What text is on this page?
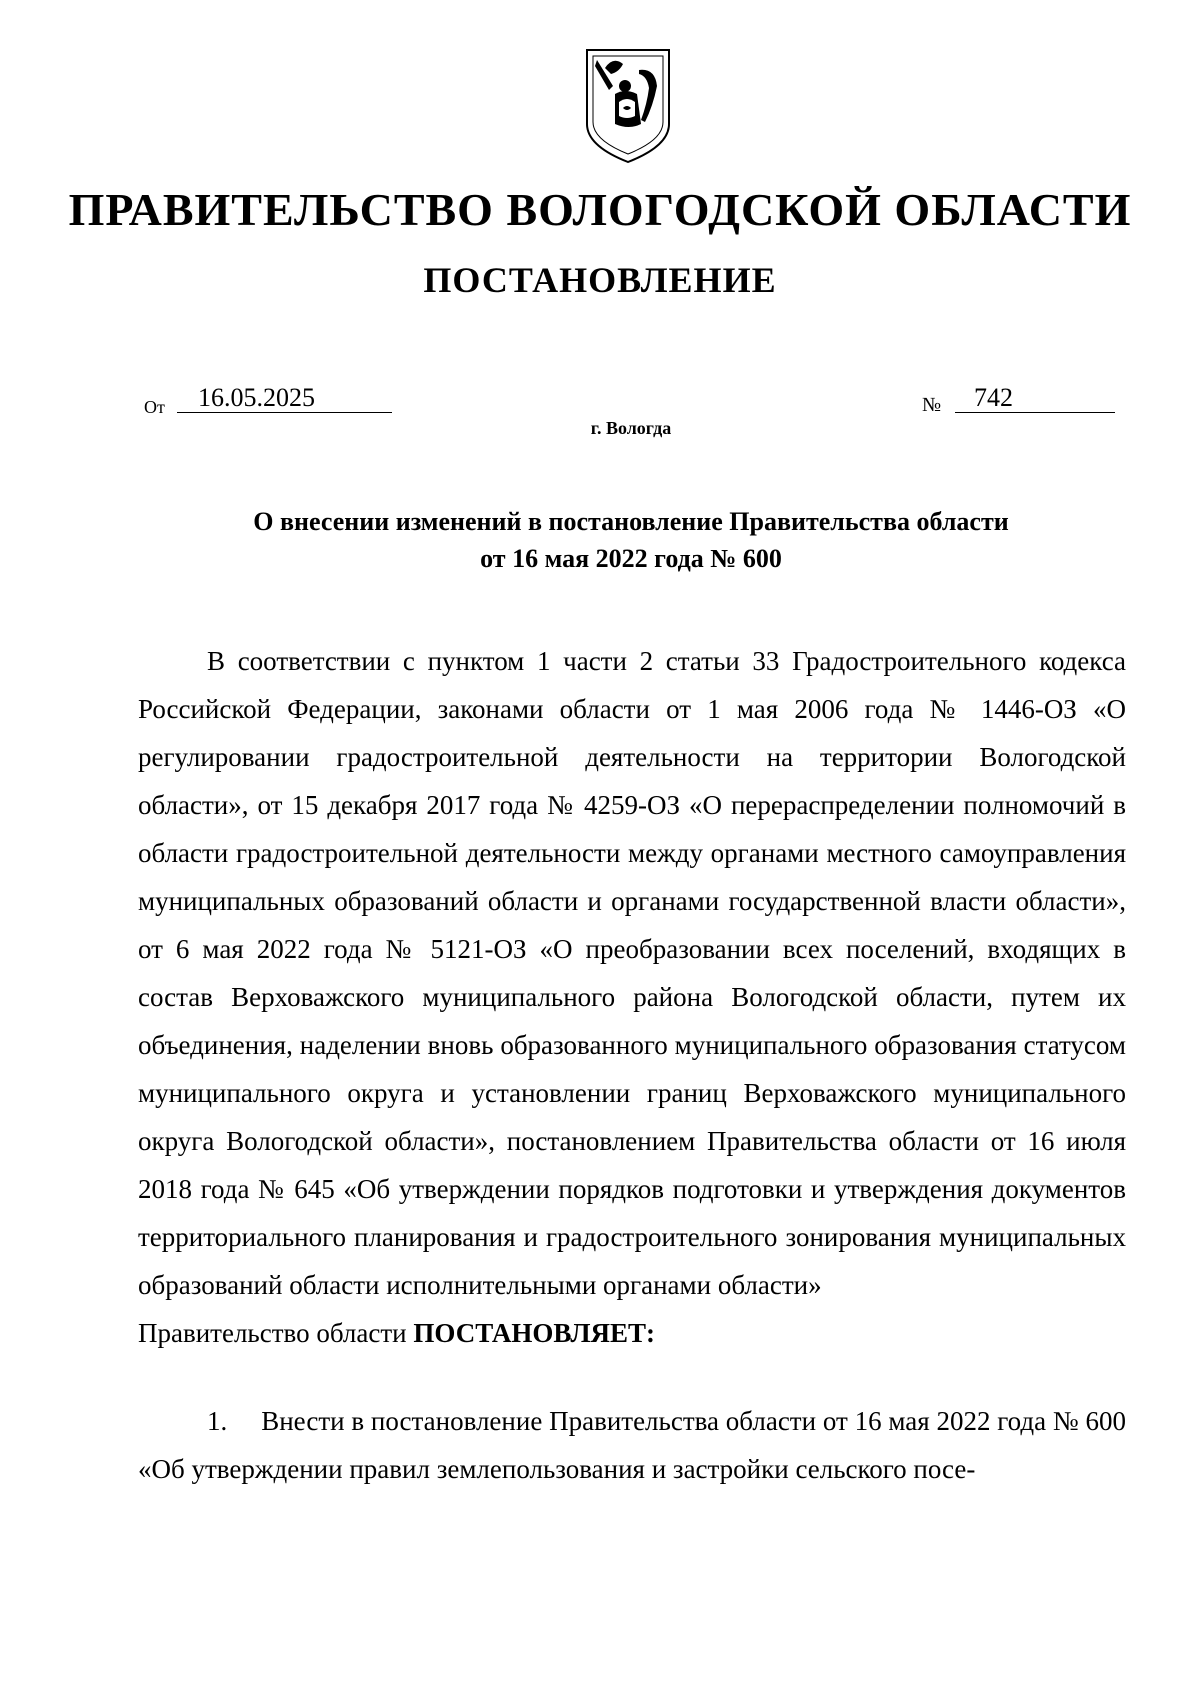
ПРАВИТЕЛЬСТВО ВОЛОГОДСКОЙ ОБЛАСТИ
ПОСТАНОВЛЕНИЕ
От 16.05.2025	№ 742
г. Вологда
О внесении изменений в постановление Правительства области
от 16 мая 2022 года № 600

В соответствии с пунктом 1 части 2 статьи 33 Градостроительного кодекса Российской Федерации, законами области от 1 мая 2006 года № 1446-ОЗ «О регулировании градостроительной деятельности на территории Вологодской области», от 15 декабря 2017 года № 4259-ОЗ «О перераспределении полномочий в области градостроительной деятельности между органами местного самоуправления муниципальных образований области и органами государственной власти области», от 6 мая 2022 года № 5121-ОЗ «О преобразовании всех поселений, входящих в состав Верховажского муниципального района Вологодской области, путем их объединения, наделении вновь образованного муниципального образования статусом муниципального округа и установлении границ Верховажского муниципального округа Вологодской области», постановлением Правительства области от 16 июля 2018 года № 645 «Об утверждении порядков подготовки и утверждения документов территориального планирования и градостроительного зонирования муниципальных образований области исполнительными органами области»

Правительство области ПОСТАНОВЛЯЕТ:

1. Внести в постановление Правительства области от 16 мая 2022 года № 600 «Об утверждении правил землепользования и застройки сельского посе-
